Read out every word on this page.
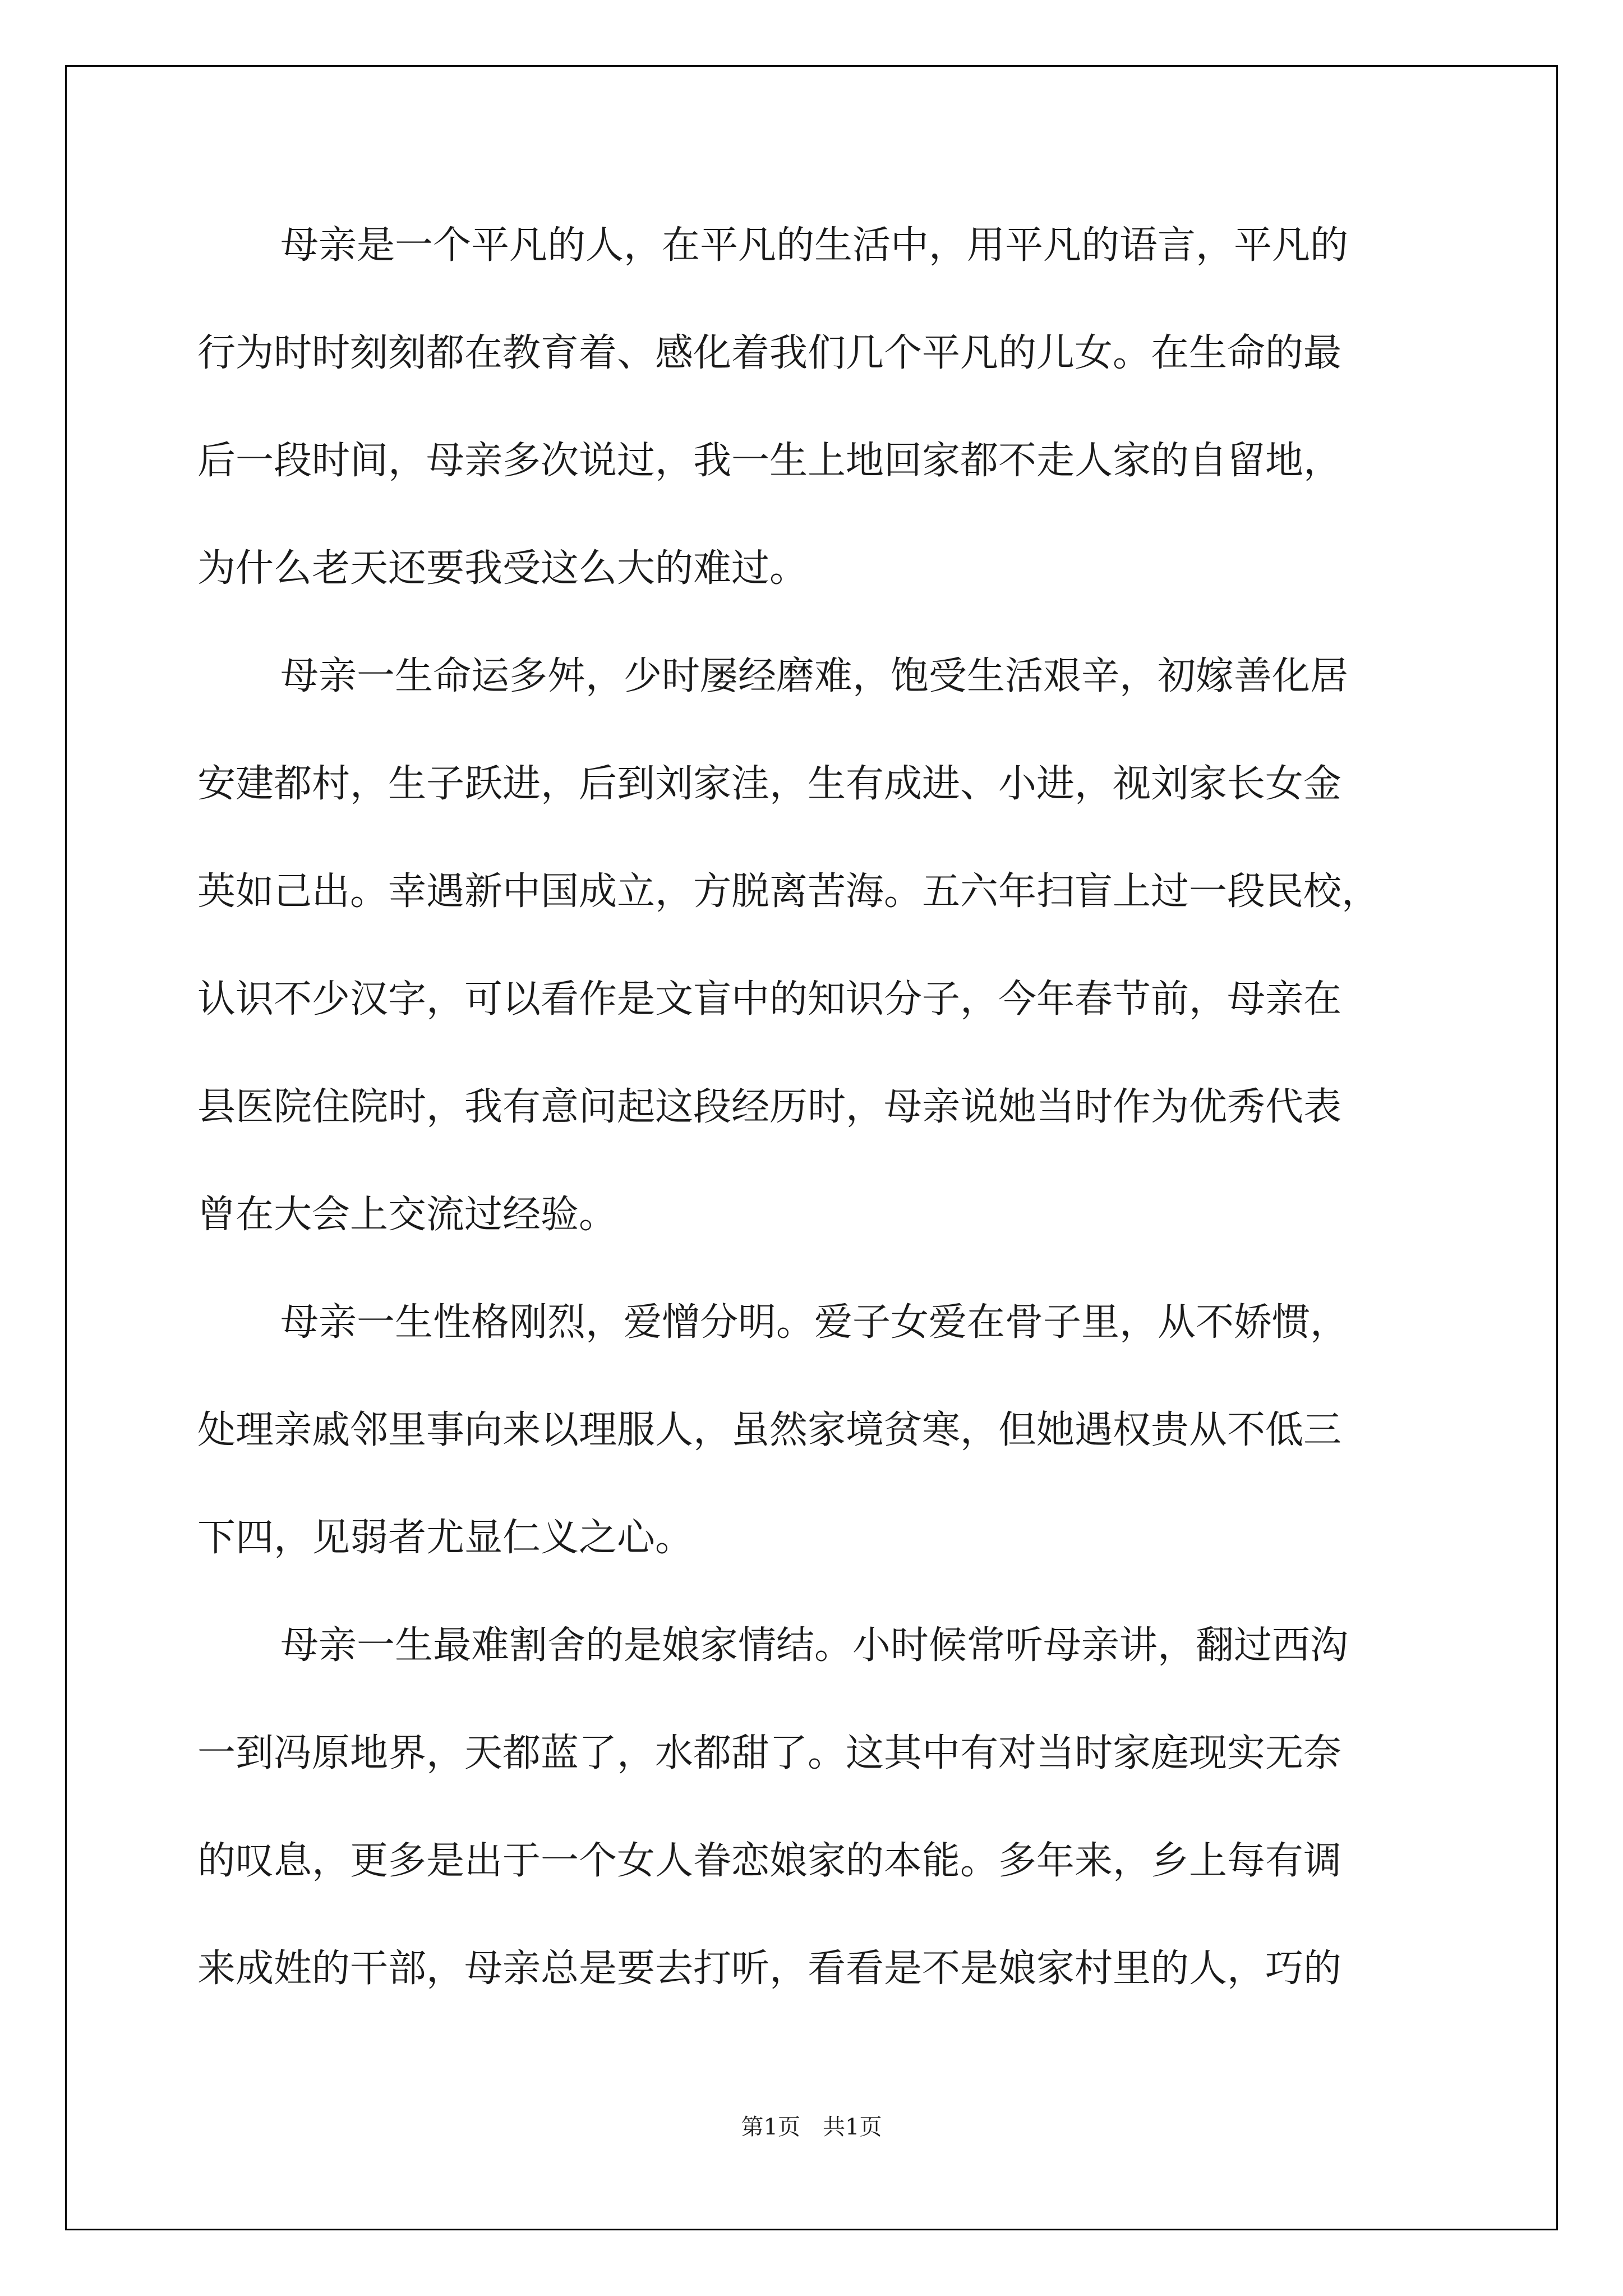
母亲是一个平凡的人，在平凡的生活中，用平凡的语言，平凡的
行为时时刻刻都在教育着、感化着我们几个平凡的儿女。在生命的最
后一段时间，母亲多次说过，我一生上地回家都不走人家的自留地，
为什么老天还要我受这么大的难过。
母亲一生命运多舛，少时屡经磨难，饱受生活艰辛，初嫁善化居
安建都村，生子跃进，后到刘家洼，生有成进、小进，视刘家长女金
英如己出。幸遇新中国成立，方脱离苦海。五六年扫盲上过一段民校，
认识不少汉字，可以看作是文盲中的知识分子，今年春节前，母亲在
县医院住院时，我有意问起这段经历时，母亲说她当时作为优秀代表
曾在大会上交流过经验。
母亲一生性格刚烈，爱憎分明。爱子女爱在骨子里，从不娇惯，
处理亲戚邻里事向来以理服人，虽然家境贫寒，但她遇权贵从不低三
下四，见弱者尤显仁义之心。
母亲一生最难割舍的是娘家情结。小时候常听母亲讲，翻过西沟
一到冯原地界，天都蓝了，水都甜了。这其中有对当时家庭现实无奈
的叹息，更多是出于一个女人眷恋娘家的本能。多年来，乡上每有调
来成姓的干部，母亲总是要去打听，看看是不是娘家村里的人，巧的
第1页　共1页
